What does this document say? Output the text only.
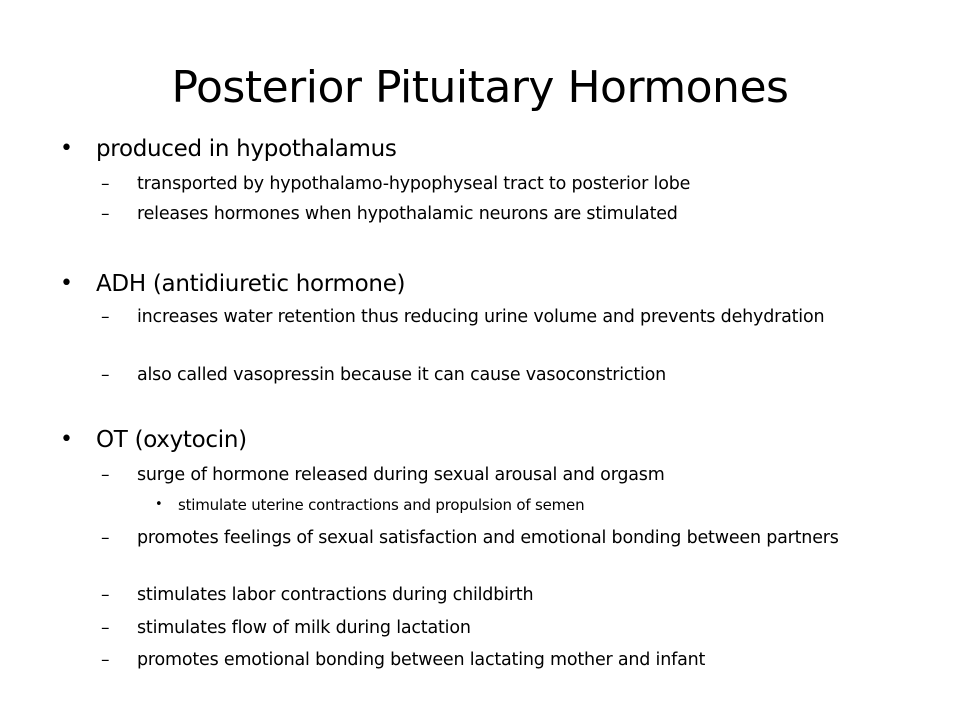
Posterior Pituitary Hormones
• produced in hypothalamus
– transported by hypothalamo-hypophyseal tract to posterior lobe
– releases hormones when hypothalamic neurons are stimulated
• ADH (antidiuretic hormone)
– increases water retention thus reducing urine volume and prevents dehydration
– also called vasopressin because it can cause vasoconstriction
• OT (oxytocin)
– surge of hormone released during sexual arousal and orgasm
• stimulate uterine contractions and propulsion of semen
– promotes feelings of sexual satisfaction and emotional bonding between partners
– stimulates labor contractions during childbirth
– stimulates flow of milk during lactation
– promotes emotional bonding between lactating mother and infant
